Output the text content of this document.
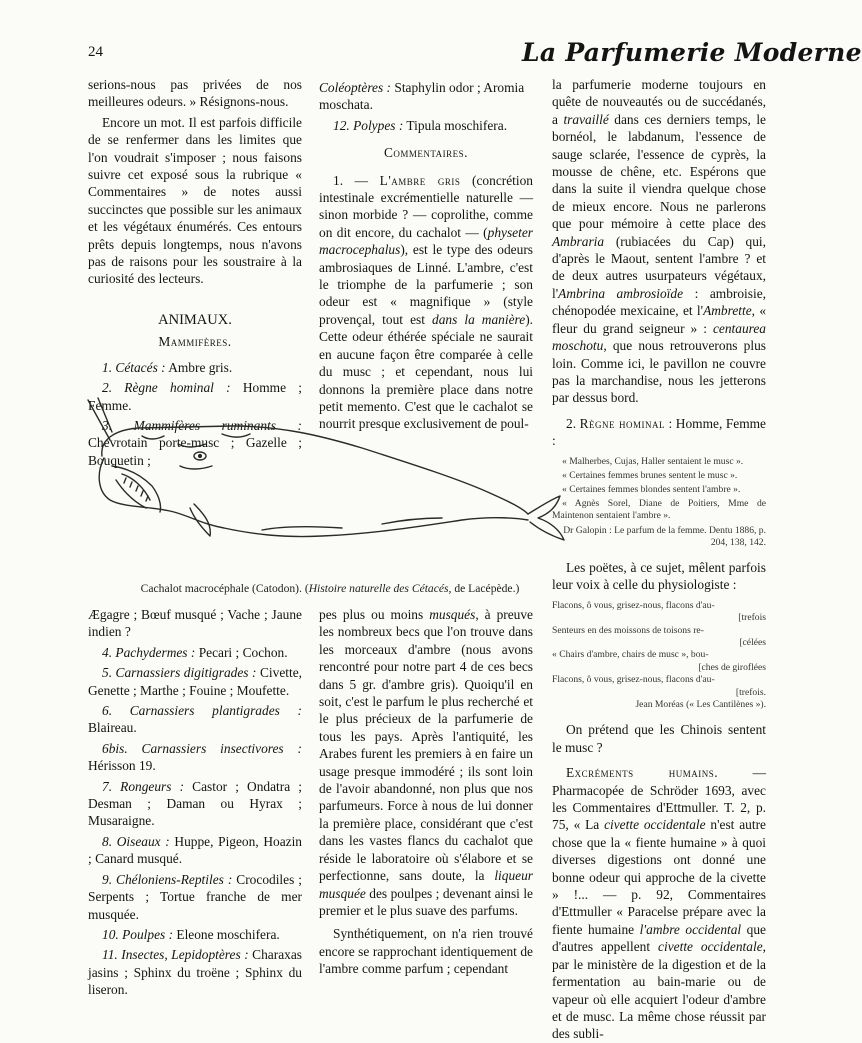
24	La Parfumerie Moderne

serions-nous pas privées de nos meilleures odeurs. » Résignons-nous.

Encore un mot. Il est parfois difficile de se renfermer dans les limites que l'on voudrait s'imposer ; nous faisons suivre cet exposé sous la rubrique « Commentaires » de notes aussi succinctes que possible sur les animaux et les végétaux énumérés. Ces entours prêts depuis longtemps, nous n'avons pas de raisons pour les soustraire à la curiosité des lecteurs.

ANIMAUX.

Mammifères.

1. Cétacés : Ambre gris.

2. Règne hominal : Homme ; Femme.

3. Mammifères ruminants : Chevrotain porte-musc ; Gazelle ; Bouquetin ;

Coléoptères : Staphylin odor ; Aromia moschata.

12. Polypes : Tipula moschifera.

Commentaires.

1. — L'ambre gris (concrétion intestinale excrémentielle naturelle — sinon morbide ? — coprolithe, comme on dit encore, du cachalot — (physeter macrocephalus), est le type des odeurs ambrosiaques de Linné. L'ambre, c'est le triomphe de la parfumerie ; son odeur est « magnifique » (style provençal, tout est dans la manière). Cette odeur éthérée spéciale ne saurait en aucune façon être comparée à celle du musc ; et cependant, nous lui donnons la première place dans notre petit memento. C'est que le cachalot se nourrit presque exclusivement de poul-

la parfumerie moderne toujours en quête de nouveautés ou de succédanés, a travaillé dans ces derniers temps, le bornéol, le labdanum, l'essence de sauge sclarée, l'essence de cyprès, la mousse de chêne, etc. Espérons que dans la suite il viendra quelque chose de mieux encore. Nous ne parlerons que pour mémoire à cette place des Ambraria (rubiacées du Cap) qui, d'après le Maout, sentent l'ambre ? et de deux autres usurpateurs végétaux, l'Ambrina ambrosioïde : ambroisie, chénopodée mexicaine, et l'Ambrette, « fleur du grand seigneur » : centaurea moschotu, que nous retrouverons plus loin. Comme ici, le pavillon ne couvre pas la marchandise, nous les jetterons par dessus bord.

2. Règne hominal : Homme, Femme :

« Malherbes, Cujas, Haller sentaient le musc ».

« Certaines femmes brunes sentent le musc ».

« Certaines femmes blondes sentent l'ambre ».

« Agnès Sorel, Diane de Poitiers, Mme de Maintenon sentaient l'ambre ».

Dr Galopin : Le parfum de la femme. Dentu 1886, p. 204, 138, 142.

Les poëtes, à ce sujet, mêlent parfois leur voix à celle du physiologiste :

Flacons, ô vous, grisez-nous, flacons d'au-
[trefois
Senteurs en des moissons de toisons re-
[célées
« Chairs d'ambre, chairs de musc », bou-
[ches de giroflées
Flacons, ô vous, grisez-nous, flacons d'au-
[trefois.
Jean Moréas (« Les Cantilènes »).

On prétend que les Chinois sentent le musc ?

Excréments humains. — Pharmacopée de Schröder 1693, avec les Commentaires d'Ettmuller. T. 2, p. 75, « La civette occidentale n'est autre chose que la « fiente humaine » à quoi diverses digestions ont donné une bonne odeur qui approche de la civette » !... — p. 92, Commentaires d'Ettmuller « Paracelse prépare avec la fiente humaine l'ambre occidental que d'autres appellent civette occidentale, par le ministère de la digestion et de la fermentation au bain-marie ou de vapeur où elle acquiert l'odeur d'ambre et de musc. La même chose réussit par des subli-

Cachalot macrocéphale (Catodon). (Histoire naturelle des Cétacés, de Lacépède.)

Ægagre ; Bœuf musqué ; Vache ; Jaune indien ?

4. Pachydermes : Pecari ; Cochon.

5. Carnassiers digitigrades : Civette, Genette ; Marthe ; Fouine ; Moufette.

6. Carnassiers plantigrades : Blaireau.

6bis. Carnassiers insectivores : Hérisson 19.

7. Rongeurs : Castor ; Ondatra ; Desman ; Daman ou Hyrax ; Musaraigne.

8. Oiseaux : Huppe, Pigeon, Hoazin ; Canard musqué.

9. Chéloniens-Reptiles : Crocodiles ; Serpents ; Tortue franche de mer musquée.

10. Poulpes : Eleone moschifera.

11. Insectes, Lepidoptères : Charaxas jasins ; Sphinx du troëne ; Sphinx du liseron.

pes plus ou moins musqués, à preuve les nombreux becs que l'on trouve dans les morceaux d'ambre (nous avons rencontré pour notre part 4 de ces becs dans 5 gr. d'ambre gris). Quoiqu'il en soit, c'est le parfum le plus recherché et le plus précieux de la parfumerie de tous les pays. Après l'antiquité, les Arabes furent les premiers à en faire un usage presque immodéré ; ils sont loin de l'avoir abandonné, non plus que nos parfumeurs. Force à nous de lui donner la première place, considérant que c'est dans les vastes flancs du cachalot que réside le laboratoire où s'élabore et se perfectionne, sans doute, la liqueur musquée des poulpes ; devenant ainsi le premier et le plus suave des parfums.

Synthétiquement, on n'a rien trouvé encore se rapprochant identiquement de l'ambre comme parfum ; cependant
